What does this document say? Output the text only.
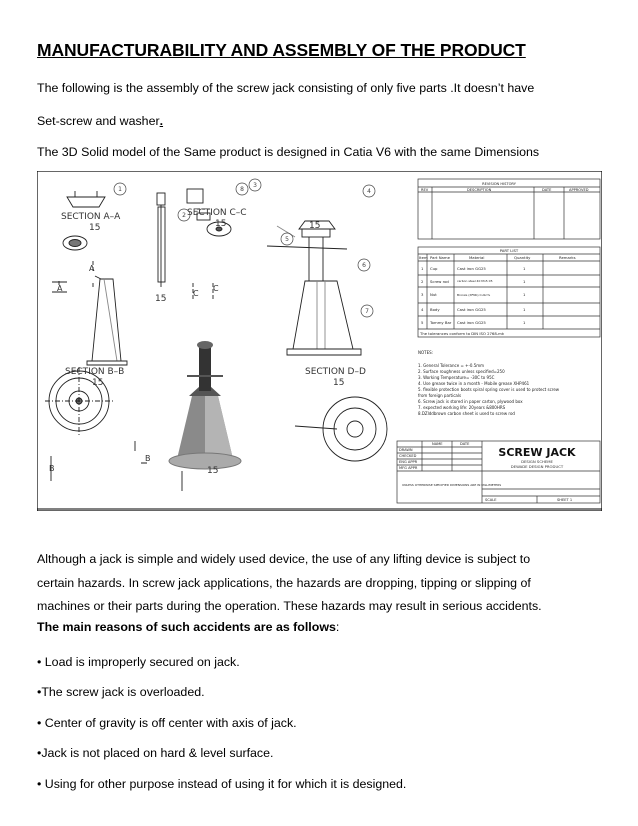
MANUFACTURABILITY AND ASSEMBLY OF THE PRODUCT
The following is the assembly of the screw jack consisting of only five parts .It doesn’t have
Set-screw and washer.
The 3D Solid model of the Same product is designed in Catia V6 with the same Dimensions
1
2
3
4
5
6
7
8
SECTION A–A
15
SECTION C–C
15
SECTION B–B
15
SECTION D–D
15
15
15
15
A
A
C
C
B
B
REVISION HISTORY
REV	DESCRIPTION	DATE	APPROVED
PART LIST
Item Part Name	Material	Quantity	Remarks
1 Cup	Cast iron GG25	1
2 Screw rod	carbon steel 40 Mn5 05	1
3 Nut	Bronze (XFNb) CuSn%	1
4 Body	Cast iron GG25	1
5 Tommy Bar Cast iron GG25	1
The tolerances conform to DIN ISO 2768-mk
NOTES:
1. General Tolerance = +-0.5mm
2. Surface roughness unless specified=250
3. Working Temperature= -30C to 95C
4. Use grease twice in a month - Mobile grease XHP461
5. flexible protection boots spiral spring cover is used to protect screw
from foreign particals
6. Screw jack is stored in paper carton, plywood box
7. expected working life: 20years &800HRS
8.DZlddbrown carbon sheet is used to screw rod
NAME	DATE
DRAWN
CHECKED
ENG APPR
MFG APPR
UNLESS OTHERWISE SPECIFIED DIMENSIONS ARE IN MILLIMETERS
SCALE	SHEET 1
SCREW JACK
DESIGN SCHEME
DEWADE DESIGN PRODUCT
Although a jack is simple and widely used device, the use of any lifting device is subject to
certain hazards. In screw jack applications, the hazards are dropping, tipping or slipping of
machines or their parts during the operation. These hazards may result in serious accidents.
The main reasons of such accidents are as follows:
• Load is improperly secured on jack.
•The screw jack is overloaded.
• Center of gravity is off center with axis of jack.
•Jack is not placed on hard & level surface.
• Using for other purpose instead of using it for which it is designed.
